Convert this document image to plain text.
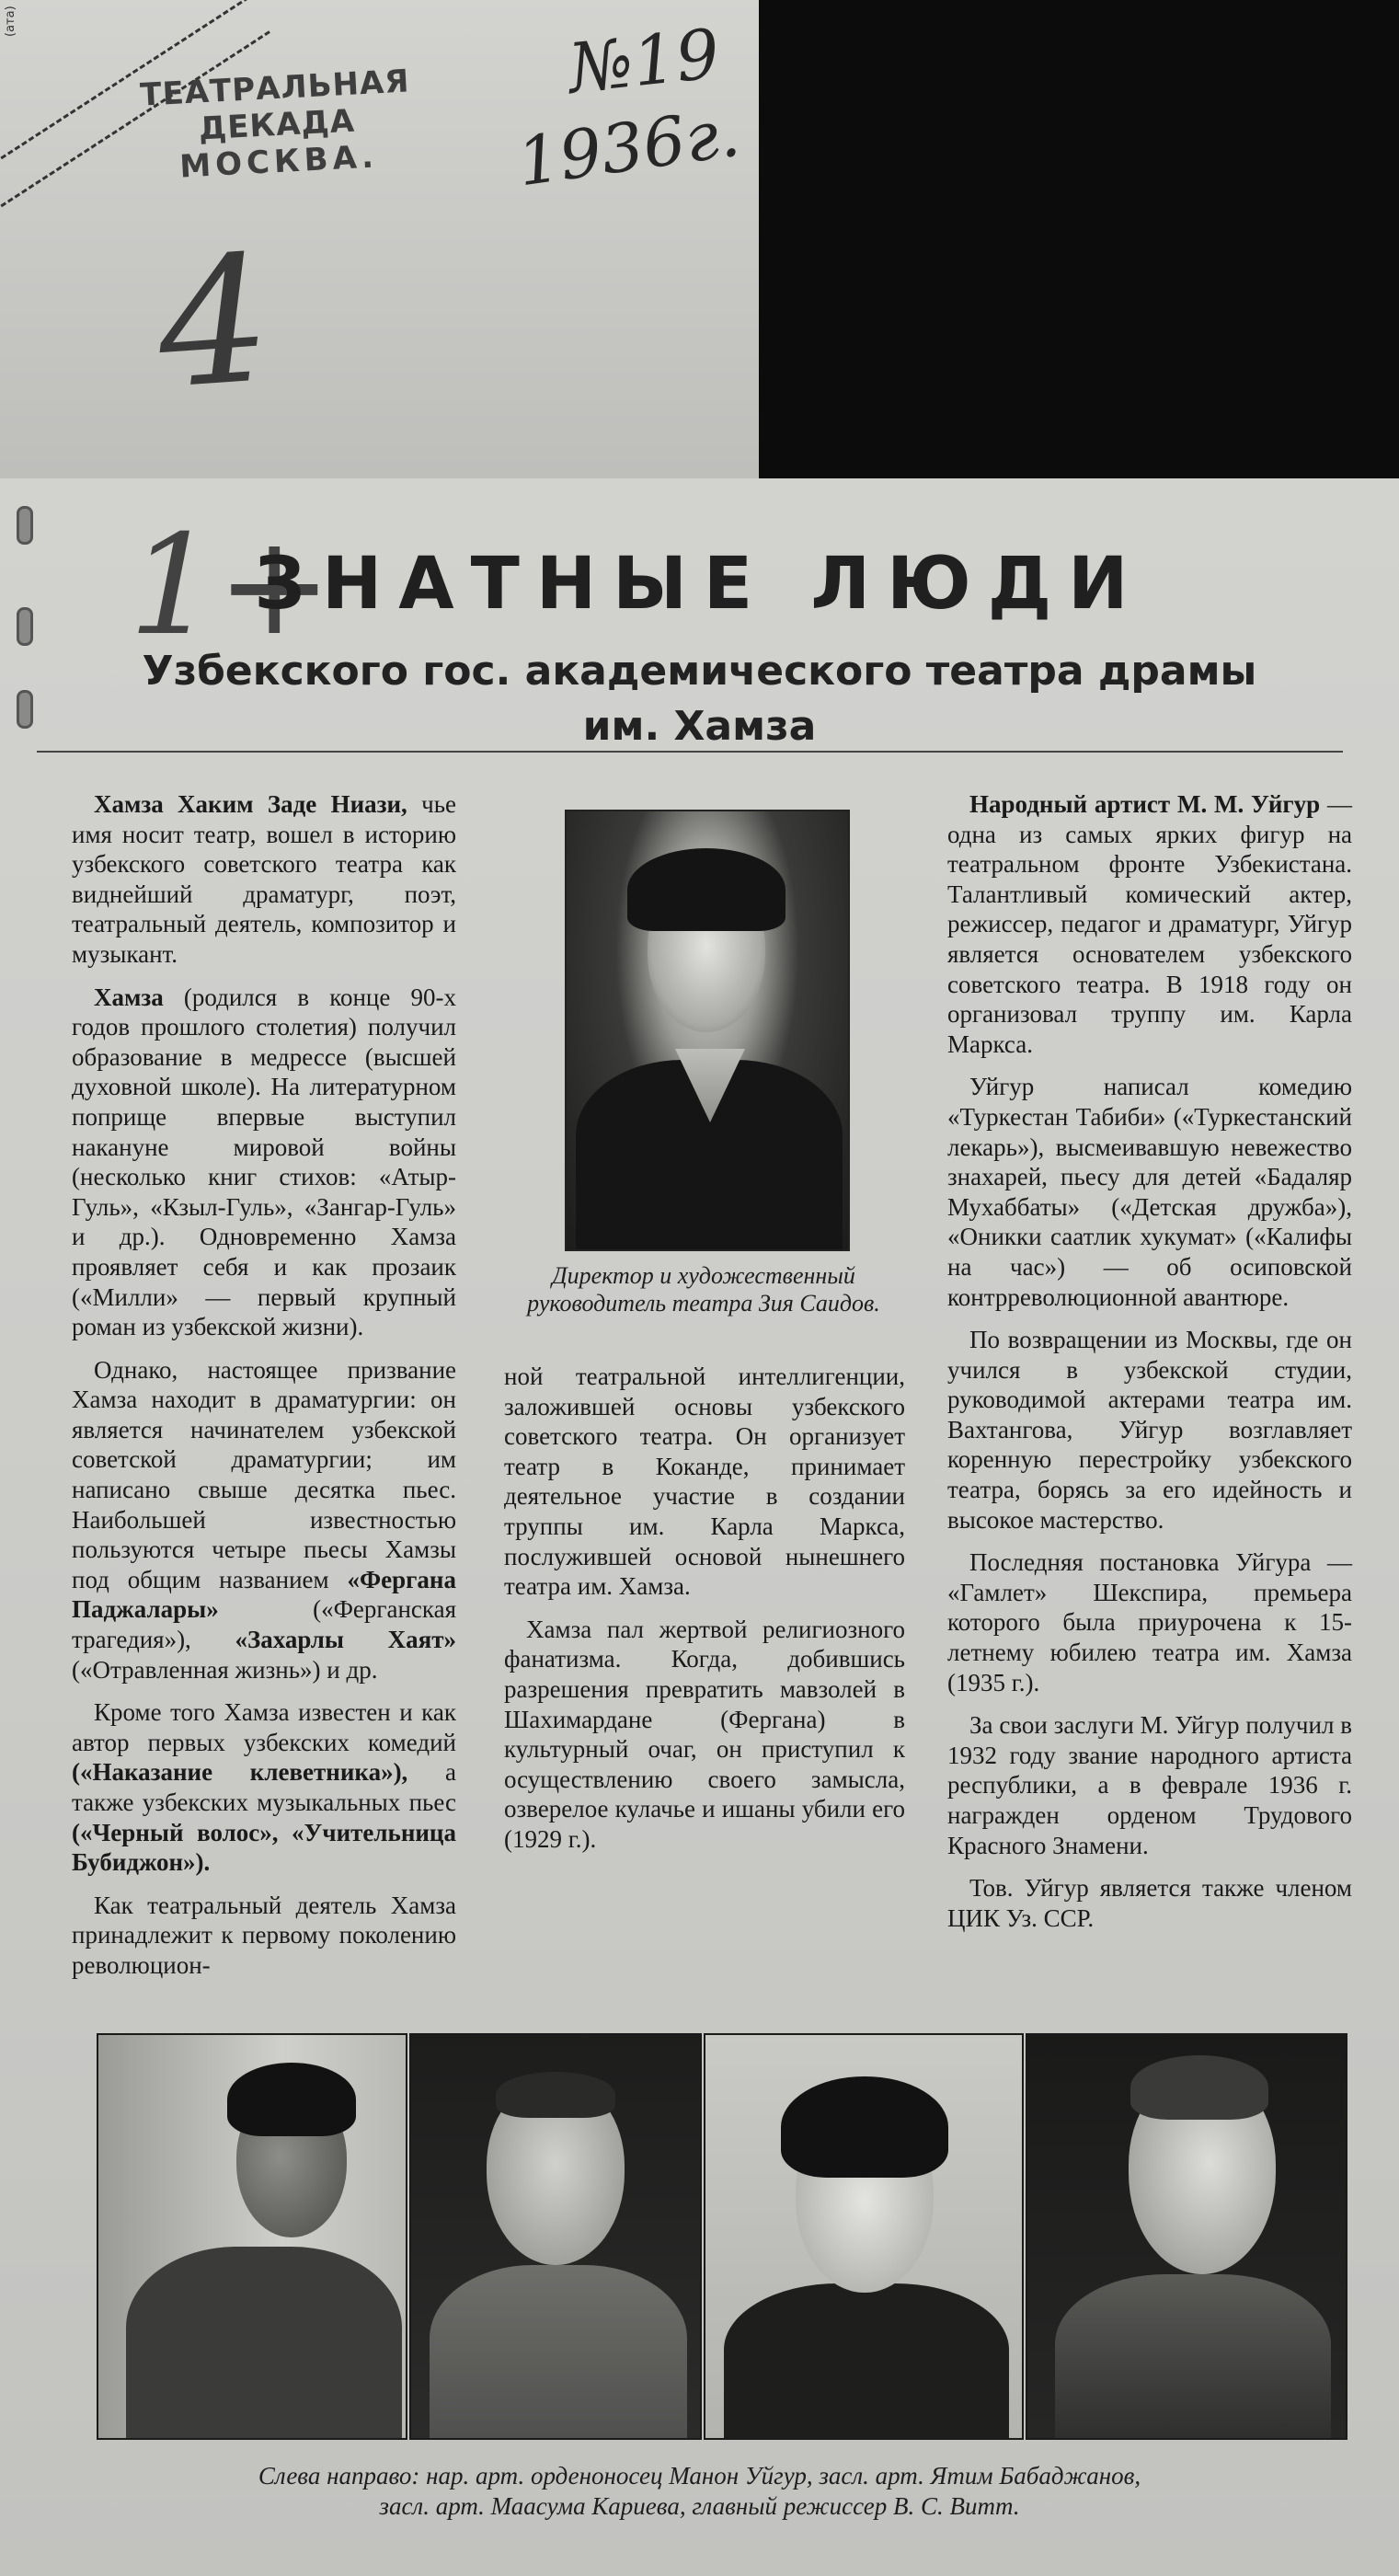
(ата)
ТЕАТРАЛЬНАЯ ДЕКАДА
МОСКВА.
№19
1936г.
4
1+
ЗНАТНЫЕ ЛЮДИ
Узбекского гос. академического театра драмы
им. Хамза

Хамза Хаким Заде Ниази, чье имя носит театр, вошел в историю узбекского советского театра как виднейший драматург, поэт, театральный деятель, композитор и музыкант.

Хамза (родился в конце 90-х годов прошлого столетия) получил образование в медрессе (высшей духовной школе). На литературном поприще впервые выступил накануне мировой войны (несколько книг стихов: «Атыр-Гуль», «Кзыл-Гуль», «Зангар-Гуль» и др.). Одновременно Хамза проявляет себя и как прозаик («Милли» — первый крупный роман из узбекской жизни).

Однако, настоящее призвание Хамза находит в драматургии: он является начинателем узбекской советской драматургии; им написано свыше десятка пьес. Наибольшей известностью пользуются четыре пьесы Хамзы под общим названием «Фергана Паджалары»	(«Ферганская трагедия»), «Захарлы Хаят» («Отравленная жизнь») и др.

Кроме того Хамза известен и как автор первых узбекских комедий («Наказание клеветника»), а также узбекских музыкальных пьес («Черный волос», «Учительница Бубиджон»).

Как театральный деятель Хамза принадлежит к первому поколению революцион-

Директор и художественный руководитель театра Зия Саидов.

ной театральной интеллигенции, заложившей основы узбекского советского театра. Он организует театр в Коканде, принимает деятельное участие в создании труппы им. Карла Маркса, послужившей основой нынешнего театра им. Хамза.

Хамза пал жертвой религиозного фанатизма. Когда, добившись разрешения превратить мавзолей в Шахимардане (Фергана) в культурный очаг, он приступил к осуществлению своего замысла, озверелое кулачье и ишаны убили его (1929 г.).

Народный артист М. М. Уйгур — одна из самых ярких фигур на театральном фронте Узбекистана. Талантливый комический актер, режиссер, педагог и драматург, Уйгур является основателем узбекского советского театра. В 1918 году он организовал труппу им. Карла Маркса.

Уйгур написал комедию «Туркестан Табиби» («Туркестанский лекарь»), высмеивавшую невежество знахарей, пьесу для детей «Бадаляр Мухаббаты» («Детская дружба»), «Оникки саатлик хукумат» («Калифы на час») — об осиповской контрреволюционной авантюре.

По возвращении из Москвы, где он учился в узбекской студии, руководимой актерами театра им. Вахтангова, Уйгур возглавляет коренную перестройку узбекского театра, борясь за его идейность и высокое мастерство.

Последняя постановка Уйгура — «Гамлет» Шекспира, премьера которого была приурочена к 15-летнему юбилею театра им. Хамза (1935 г.).

За свои заслуги М. Уйгур получил в 1932 году звание народного артиста республики, а в феврале 1936 г. награжден орденом Трудового Красного Знамени.

Тов. Уйгур является также членом ЦИК Уз. ССР.

Слева направо: нар. арт. орденоносец Манон Уйгур, засл. арт. Ятим Бабаджанов,
засл. арт. Маасума Кариева, главный режиссер В. С. Витт.
